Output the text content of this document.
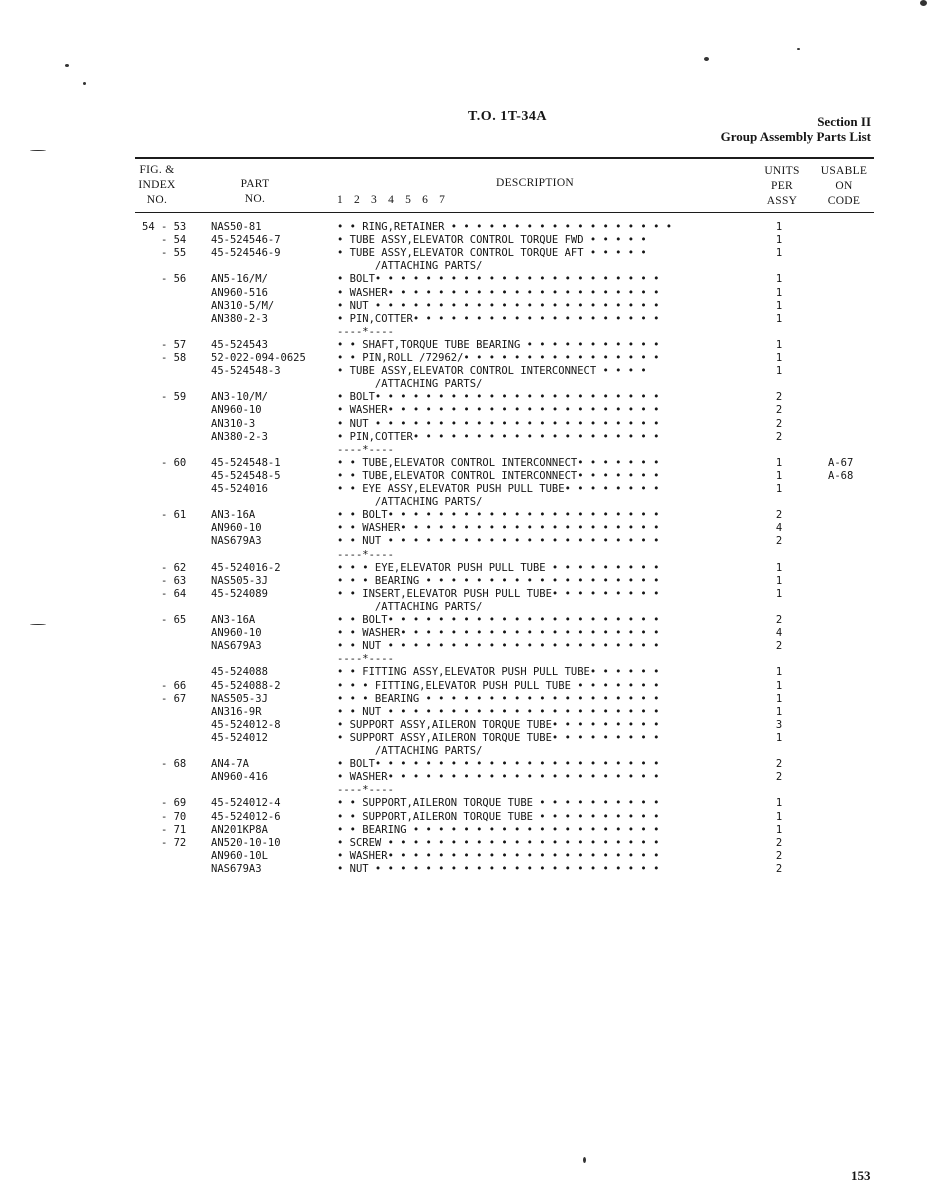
T.O. 1T-34A	Section II
Group Assembly Parts List
FIG. &
INDEX
NO.
PART
NO.	1 2 3 4 5 6 7
DESCRIPTION
UNITS
PER
ASSY
USABLE
ON
CODE
54 - 53 NAS50-81	• • RING,RETAINER • • • • • • • • • • • • • • • • • •	1
- 54 45-524546-7	• TUBE ASSY,ELEVATOR CONTROL TORQUE FWD • • • • •	1
- 55 45-524546-9	• TUBE ASSY,ELEVATOR CONTROL TORQUE AFT • • • • •	1
/ATTACHING PARTS/
- 56 AN5-16/M/	• BOLT• • • • • • • • • • • • • • • • • • • • • • •	1
AN960-516	• WASHER• • • • • • • • • • • • • • • • • • • • • •	1
AN310-5/M/	• NUT • • • • • • • • • • • • • • • • • • • • • • •	1
AN380-2-3	• PIN,COTTER• • • • • • • • • • • • • • • • • • • •	1
----*----
- 57 45-524543	• • SHAFT,TORQUE TUBE BEARING • • • • • • • • • • •	1
- 58 52-022-094-0625	• • PIN,ROLL /72962/• • • • • • • • • • • • • • • •	1
45-524548-3	• TUBE ASSY,ELEVATOR CONTROL INTERCONNECT • • • •	1
/ATTACHING PARTS/
- 59 AN3-10/M/	• BOLT• • • • • • • • • • • • • • • • • • • • • • •	2
AN960-10	• WASHER• • • • • • • • • • • • • • • • • • • • • •	2
AN310-3	• NUT • • • • • • • • • • • • • • • • • • • • • • •	2
AN380-2-3	• PIN,COTTER• • • • • • • • • • • • • • • • • • • •	2
----*----
- 60 45-524548-1	• • TUBE,ELEVATOR CONTROL INTERCONNECT• • • • • • •	1	A-67
45-524548-5	• • TUBE,ELEVATOR CONTROL INTERCONNECT• • • • • • •	1	A-68
45-524016	• • EYE ASSY,ELEVATOR PUSH PULL TUBE• • • • • • • •	1
/ATTACHING PARTS/
- 61 AN3-16A	• • BOLT• • • • • • • • • • • • • • • • • • • • • •	2
AN960-10	• • WASHER• • • • • • • • • • • • • • • • • • • • •	4
NAS679A3	• • NUT • • • • • • • • • • • • • • • • • • • • • •	2
----*----
- 62 45-524016-2	• • • EYE,ELEVATOR PUSH PULL TUBE • • • • • • • • •	1
- 63 NAS505-3J	• • • BEARING • • • • • • • • • • • • • • • • • • •	1
- 64 45-524089	• • INSERT,ELEVATOR PUSH PULL TUBE• • • • • • • • •	1
/ATTACHING PARTS/
- 65 AN3-16A	• • BOLT• • • • • • • • • • • • • • • • • • • • • •	2
AN960-10	• • WASHER• • • • • • • • • • • • • • • • • • • • •	4
NAS679A3	• • NUT • • • • • • • • • • • • • • • • • • • • • •	2
----*----
45-524088	• • FITTING ASSY,ELEVATOR PUSH PULL TUBE• • • • • •	1
- 66 45-524088-2	• • • FITTING,ELEVATOR PUSH PULL TUBE • • • • • • •	1
- 67 NAS505-3J	• • • BEARING • • • • • • • • • • • • • • • • • • •	1
AN316-9R	• • NUT • • • • • • • • • • • • • • • • • • • • • •	1
45-524012-8	• SUPPORT ASSY,AILERON TORQUE TUBE• • • • • • • • •	3
45-524012	• SUPPORT ASSY,AILERON TORQUE TUBE• • • • • • • • •	1
/ATTACHING PARTS/
- 68 AN4-7A	• BOLT• • • • • • • • • • • • • • • • • • • • • • •	2
AN960-416	• WASHER• • • • • • • • • • • • • • • • • • • • • •	2
----*----
- 69 45-524012-4	• • SUPPORT,AILERON TORQUE TUBE • • • • • • • • • •	1
- 70 45-524012-6	• • SUPPORT,AILERON TORQUE TUBE • • • • • • • • • •	1
- 71 AN201KP8A	• • BEARING • • • • • • • • • • • • • • • • • • • •	1
- 72 AN520-10-10	• SCREW • • • • • • • • • • • • • • • • • • • • • •	2
AN960-10L	• WASHER• • • • • • • • • • • • • • • • • • • • • •	2
NAS679A3	• NUT • • • • • • • • • • • • • • • • • • • • • • •	2
153
